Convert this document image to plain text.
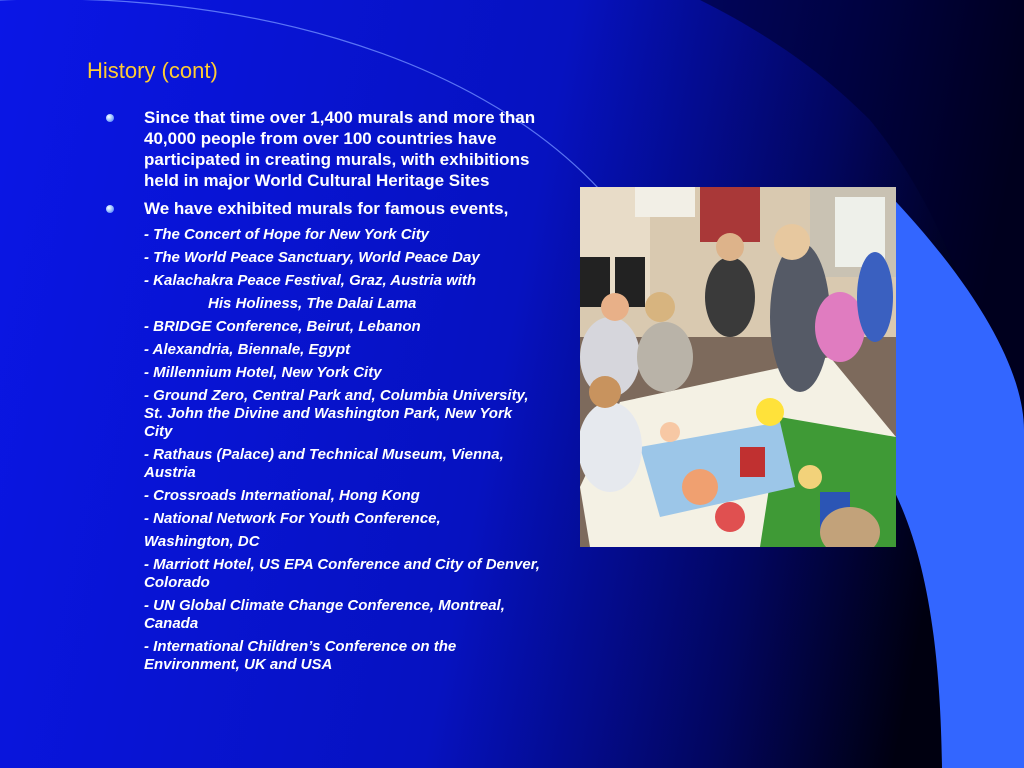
History (cont)
Since that time over 1,400 murals and more than 40,000 people from over 100 countries have participated in creating murals, with exhibitions held in major World Cultural Heritage Sites
We have exhibited murals for famous events,
- The Concert of Hope for New York City
- The World Peace Sanctuary, World Peace Day
- Kalachakra Peace Festival, Graz, Austria with
His Holiness, The Dalai Lama
- BRIDGE Conference, Beirut, Lebanon
- Alexandria, Biennale, Egypt
- Millennium Hotel, New York City
- Ground Zero, Central Park and, Columbia University, St. John the Divine and Washington Park, New York City
- Rathaus (Palace) and Technical Museum, Vienna, Austria
- Crossroads International, Hong Kong
- National Network For Youth Conference,
Washington, DC
- Marriott Hotel, US EPA Conference and City of Denver, Colorado
- UN Global Climate Change Conference, Montreal, Canada
- International Children’s Conference on the Environment, UK and USA
